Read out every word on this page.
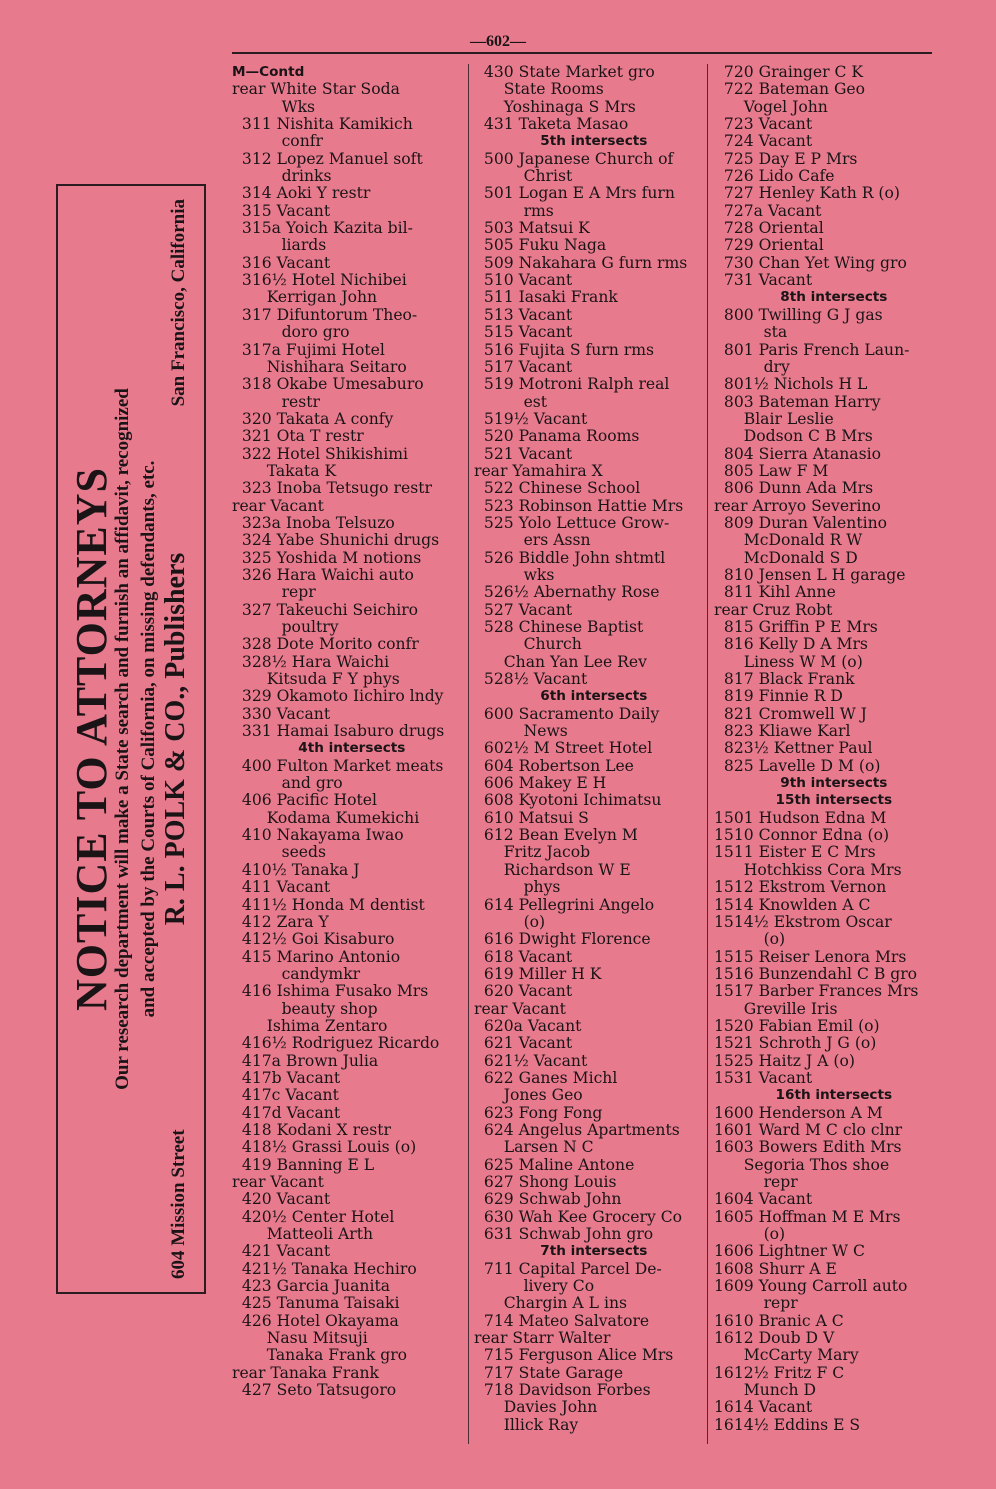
—602—
NOTICE TO ATTORNEYS
Our research department will make a State search and furnish an affidavit, recognized and accepted by the Courts of California, on missing defendants, etc.
604 Mission Street
R. L. POLK & CO., Publishers
San Francisco, California
M—Contd
rear White Star Soda
Wks
311 Nishita Kamikich
confr
312 Lopez Manuel soft
drinks
314 Aoki Y restr
315 Vacant
315a Yoich Kazita bil-
liards
316 Vacant
316½ Hotel Nichibei
Kerrigan John
317 Difuntorum Theo-
doro gro
317a Fujimi Hotel
Nishihara Seitaro
318 Okabe Umesaburo
restr
320 Takata A confy
321 Ota T restr
322 Hotel Shikishimi
Takata K
323 Inoba Tetsugo restr
rear Vacant
323a Inoba Telsuzo
324 Yabe Shunichi drugs
325 Yoshida M notions
326 Hara Waichi auto
repr
327 Takeuchi Seichiro
poultry
328 Dote Morito confr
328½ Hara Waichi
Kitsuda F Y phys
329 Okamoto Iichiro lndy
330 Vacant
331 Hamai Isaburo drugs
4th intersects
400 Fulton Market meats
and gro
406 Pacific Hotel
Kodama Kumekichi
410 Nakayama Iwao
seeds
410½ Tanaka J
411 Vacant
411½ Honda M dentist
412 Zara Y
412½ Goi Kisaburo
415 Marino Antonio
candymkr
416 Ishima Fusako Mrs
beauty shop
Ishima Zentaro
416½ Rodriguez Ricardo
417a Brown Julia
417b Vacant
417c Vacant
417d Vacant
418 Kodani X restr
418½ Grassi Louis (o)
419 Banning E L
rear Vacant
420 Vacant
420½ Center Hotel
Matteoli Arth
421 Vacant
421½ Tanaka Hechiro
423 Garcia Juanita
425 Tanuma Taisaki
426 Hotel Okayama
Nasu Mitsuji
Tanaka Frank gro
rear Tanaka Frank
427 Seto Tatsugoro
430 State Market gro
State Rooms
Yoshinaga S Mrs
431 Taketa Masao
5th intersects
500 Japanese Church of
Christ
501 Logan E A Mrs furn
rms
503 Matsui K
505 Fuku Naga
509 Nakahara G furn rms
510 Vacant
511 Iasaki Frank
513 Vacant
515 Vacant
516 Fujita S furn rms
517 Vacant
519 Motroni Ralph real
est
519½ Vacant
520 Panama Rooms
521 Vacant
rear Yamahira X
522 Chinese School
523 Robinson Hattie Mrs
525 Yolo Lettuce Grow-
ers Assn
526 Biddle John shtmtl
wks
526½ Abernathy Rose
527 Vacant
528 Chinese Baptist
Church
Chan Yan Lee Rev
528½ Vacant
6th intersects
600 Sacramento Daily
News
602½ M Street Hotel
604 Robertson Lee
606 Makey E H
608 Kyotoni Ichimatsu
610 Matsui S
612 Bean Evelyn M
Fritz Jacob
Richardson W E
phys
614 Pellegrini Angelo
(o)
616 Dwight Florence
618 Vacant
619 Miller H K
620 Vacant
rear Vacant
620a Vacant
621 Vacant
621½ Vacant
622 Ganes Michl
Jones Geo
623 Fong Fong
624 Angelus Apartments
Larsen N C
625 Maline Antone
627 Shong Louis
629 Schwab John
630 Wah Kee Grocery Co
631 Schwab John gro
7th intersects
711 Capital Parcel De-
livery Co
Chargin A L ins
714 Mateo Salvatore
rear Starr Walter
715 Ferguson Alice Mrs
717 State Garage
718 Davidson Forbes
Davies John
Illick Ray
720 Grainger C K
722 Bateman Geo
Vogel John
723 Vacant
724 Vacant
725 Day E P Mrs
726 Lido Cafe
727 Henley Kath R (o)
727a Vacant
728 Oriental
729 Oriental
730 Chan Yet Wing gro
731 Vacant
8th intersects
800 Twilling G J gas
sta
801 Paris French Laun-
dry
801½ Nichols H L
803 Bateman Harry
Blair Leslie
Dodson C B Mrs
804 Sierra Atanasio
805 Law F M
806 Dunn Ada Mrs
rear Arroyo Severino
809 Duran Valentino
McDonald R W
McDonald S D
810 Jensen L H garage
811 Kihl Anne
rear Cruz Robt
815 Griffin P E Mrs
816 Kelly D A Mrs
Liness W M (o)
817 Black Frank
819 Finnie R D
821 Cromwell W J
823 Kliawe Karl
823½ Kettner Paul
825 Lavelle D M (o)
9th intersects
15th intersects
1501 Hudson Edna M
1510 Connor Edna (o)
1511 Eister E C Mrs
Hotchkiss Cora Mrs
1512 Ekstrom Vernon
1514 Knowlden A C
1514½ Ekstrom Oscar
(o)
1515 Reiser Lenora Mrs
1516 Bunzendahl C B gro
1517 Barber Frances Mrs
Greville Iris
1520 Fabian Emil (o)
1521 Schroth J G (o)
1525 Haitz J A (o)
1531 Vacant
16th intersects
1600 Henderson A M
1601 Ward M C clo clnr
1603 Bowers Edith Mrs
Segoria Thos shoe
repr
1604 Vacant
1605 Hoffman M E Mrs
(o)
1606 Lightner W C
1608 Shurr A E
1609 Young Carroll auto
repr
1610 Branic A C
1612 Doub D V
McCarty Mary
1612½ Fritz F C
Munch D
1614 Vacant
1614½ Eddins E S
